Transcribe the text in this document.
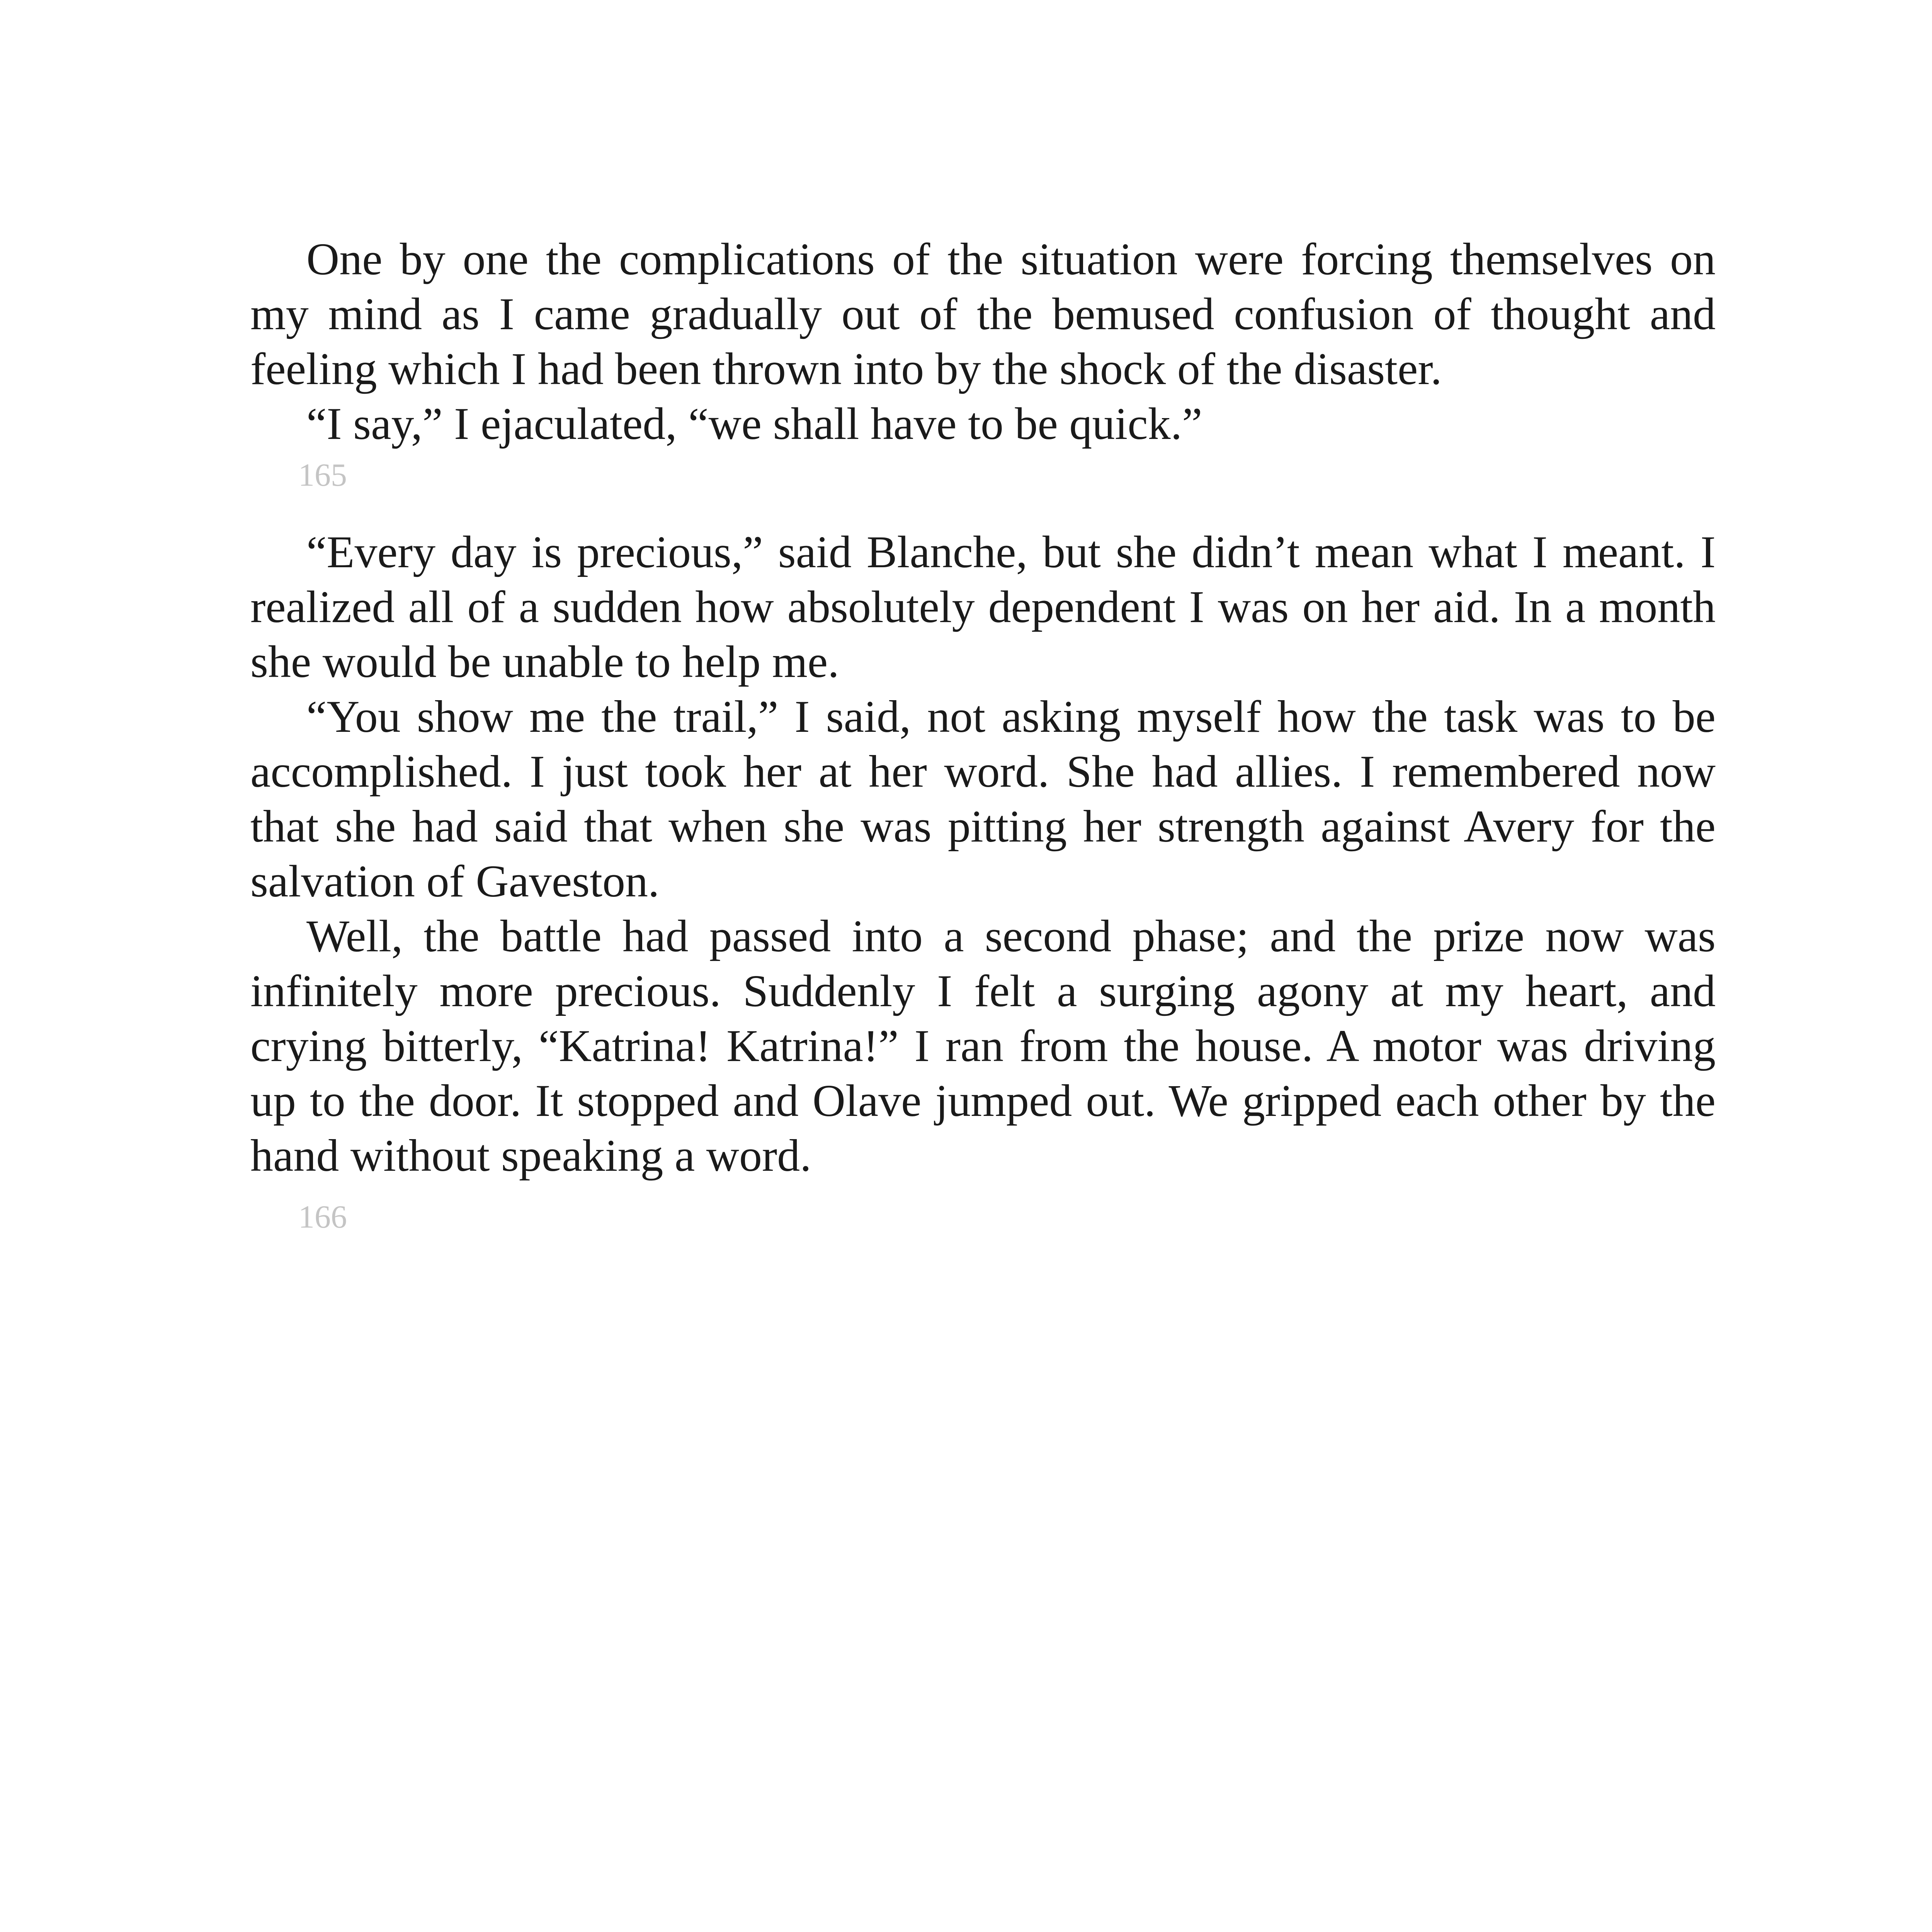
One by one the complications of the situation were forcing themselves on my mind as I came gradually out of the bemused confusion of thought and feeling which I had been thrown into by the shock of the disaster.

“I say,” I ejaculated, “we shall have to be quick.”

165

“Every day is precious,” said Blanche, but she didn’t mean what I meant. I realized all of a sudden how absolutely dependent I was on her aid. In a month she would be unable to help me.

“You show me the trail,” I said, not asking myself how the task was to be accomplished. I just took her at her word. She had allies. I remembered now that she had said that when she was pitting her strength against Avery for the salvation of Gaveston.

Well, the battle had passed into a second phase; and the prize now was infinitely more precious. Suddenly I felt a surging agony at my heart, and crying bitterly, “Katrina! Katrina!” I ran from the house. A motor was driving up to the door. It stopped and Olave jumped out. We gripped each other by the hand without speaking a word.

166
